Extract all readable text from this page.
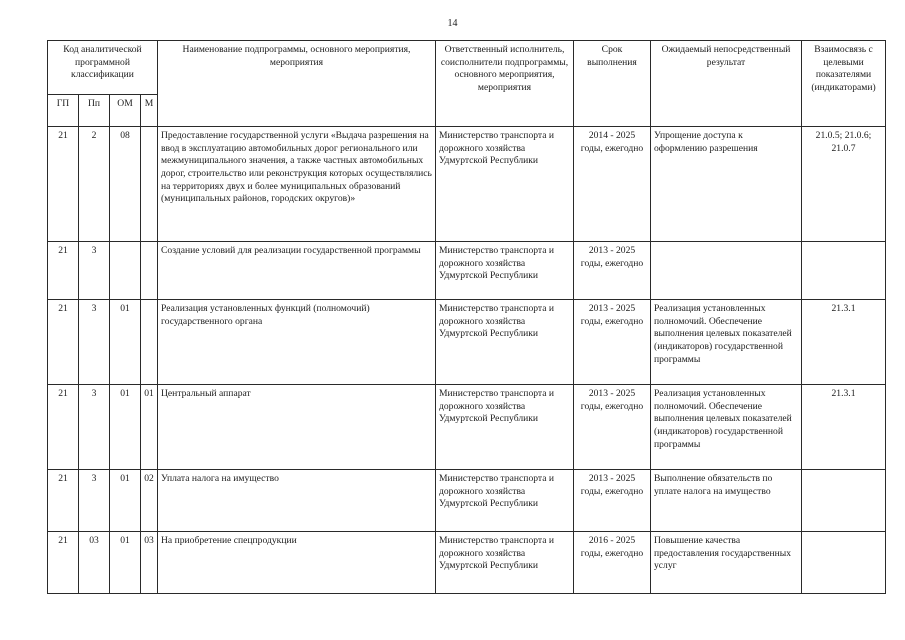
14
Код аналитической программной классификации				Наименование подпрограммы, основного мероприятия, мероприятия	Ответственный исполнитель, соисполнители подпрограммы, основного мероприятия, мероприятия	Срок выполнения	Ожидаемый непосредственный результат	Взаимосвязь с целевыми показателями (индикаторами)
ГП	Пп	ОМ	М					
21	2	08		Предоставление государственной услуги «Выдача разрешения на ввод в эксплуатацию автомобильных дорог регионального или межмуниципального значения, а также частных автомобильных дорог, строительство или реконструкция которых осуществлялись на территориях двух и более муниципальных образований (муниципальных районов, городских округов)»	Министерство транспорта и дорожного хозяйства Удмуртской Республики	2014 - 2025 годы, ежегодно	Упрощение доступа к оформлению разрешения	21.0.5; 21.0.6; 21.0.7
21	3			Создание условий для реализации государственной программы	Министерство транспорта и дорожного хозяйства Удмуртской Республики	2013 - 2025 годы, ежегодно		
21	3	01		Реализация установленных функций (полномочий) государственного органа	Министерство транспорта и дорожного хозяйства Удмуртской Республики	2013 - 2025 годы, ежегодно	Реализация установленных полномочий. Обеспечение выполнения целевых показателей (индикаторов) государственной программы	21.3.1
21	3	01	01	Центральный аппарат	Министерство транспорта и дорожного хозяйства Удмуртской Республики	2013 - 2025 годы, ежегодно	Реализация установленных полномочий. Обеспечение выполнения целевых показателей (индикаторов) государственной программы	21.3.1
21	3	01	02	Уплата налога на имущество	Министерство транспорта и дорожного хозяйства Удмуртской Республики	2013 - 2025 годы, ежегодно	Выполнение обязательств по уплате налога на имущество	
21	03	01	03	На приобретение спецпродукции	Министерство транспорта и дорожного хозяйства Удмуртской Республики	2016 - 2025 годы, ежегодно	Повышение качества предоставления государственных услуг	
